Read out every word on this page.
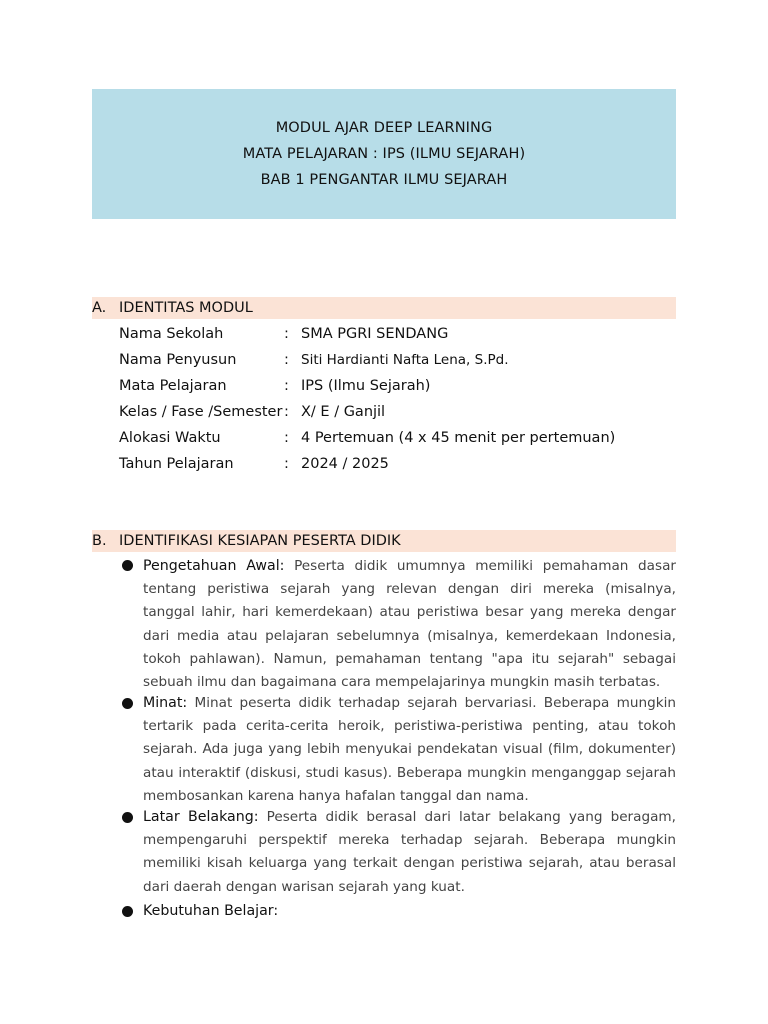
MODUL AJAR DEEP LEARNING
MATA PELAJARAN : IPS (ILMU SEJARAH)
BAB 1 PENGANTAR ILMU SEJARAH
A. IDENTITAS MODUL
Nama Sekolah	: SMA PGRI SENDANG
Nama Penyusun	: Siti Hardianti Nafta Lena, S.Pd.
Mata Pelajaran	: IPS (Ilmu Sejarah)
Kelas / Fase /Semester : X/ E / Ganjil
Alokasi Waktu	: 4 Pertemuan (4 x 45 menit per pertemuan)
Tahun Pelajaran	: 2024 / 2025
B. IDENTIFIKASI KESIAPAN PESERTA DIDIK
Pengetahuan Awal: Peserta didik umumnya memiliki pemahaman dasar tentang peristiwa sejarah yang relevan dengan diri mereka (misalnya, tanggal lahir, hari kemerdekaan) atau peristiwa besar yang mereka dengar dari media atau pelajaran sebelumnya (misalnya, kemerdekaan Indonesia, tokoh pahlawan). Namun, pemahaman tentang "apa itu sejarah" sebagai sebuah ilmu dan bagaimana cara mempelajarinya mungkin masih terbatas.
Minat: Minat peserta didik terhadap sejarah bervariasi. Beberapa mungkin tertarik pada cerita-cerita heroik, peristiwa-peristiwa penting, atau tokoh sejarah. Ada juga yang lebih menyukai pendekatan visual (film, dokumenter) atau interaktif (diskusi, studi kasus). Beberapa mungkin menganggap sejarah membosankan karena hanya hafalan tanggal dan nama.
Latar Belakang: Peserta didik berasal dari latar belakang yang beragam, mempengaruhi perspektif mereka terhadap sejarah. Beberapa mungkin memiliki kisah keluarga yang terkait dengan peristiwa sejarah, atau berasal dari daerah dengan warisan sejarah yang kuat.
Kebutuhan Belajar:
